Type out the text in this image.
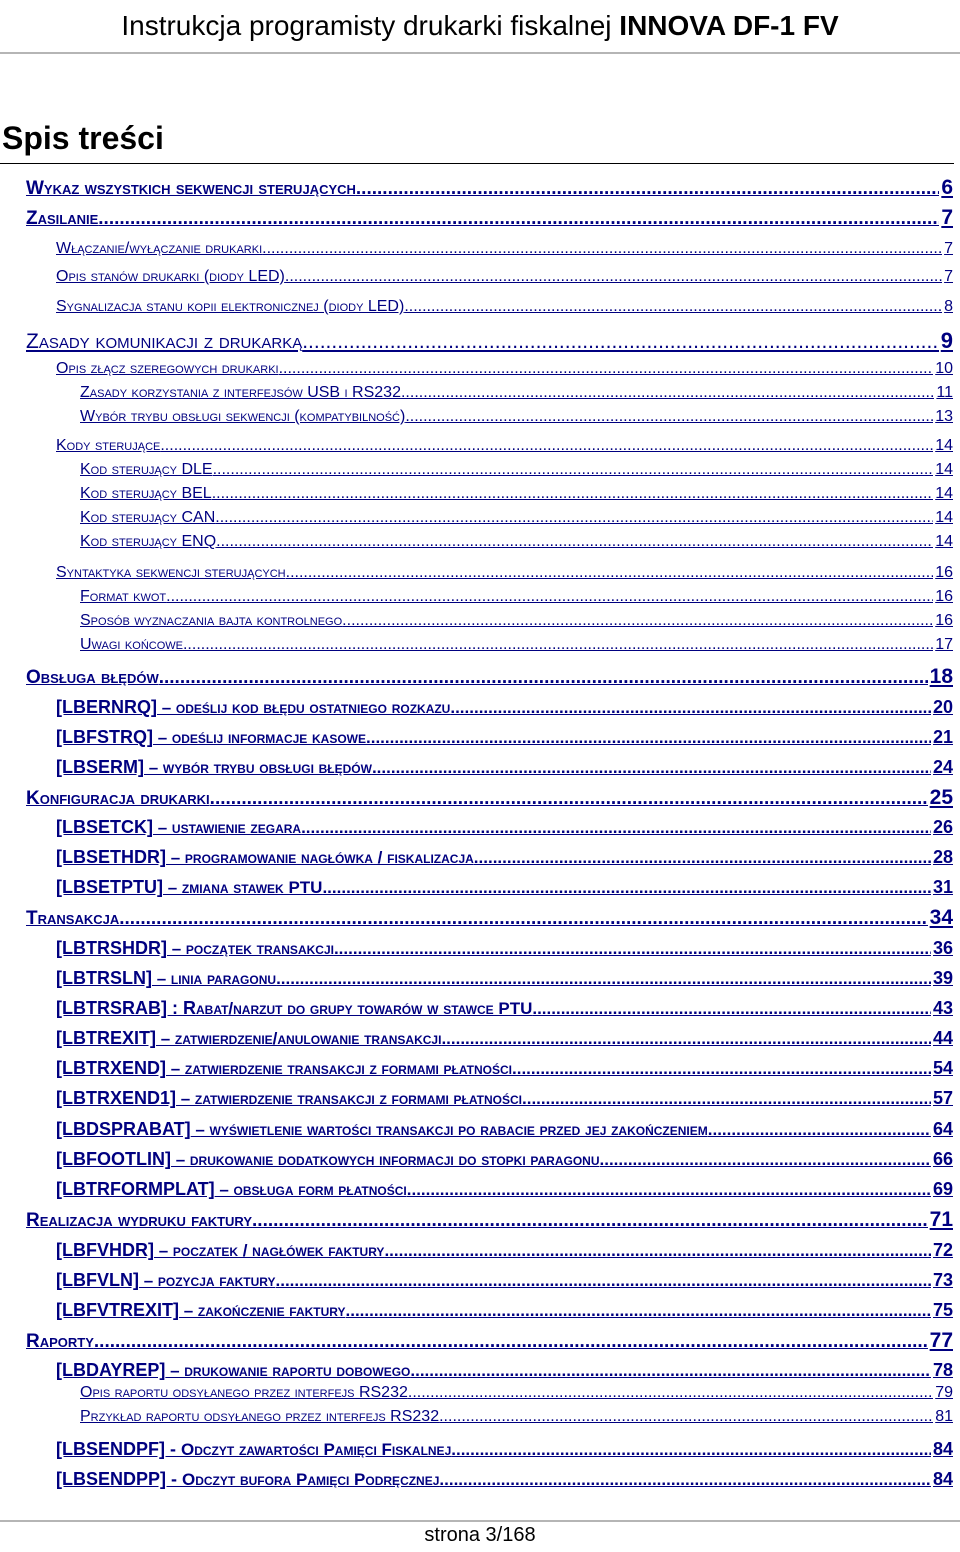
Instrukcja programisty drukarki fiskalnej INNOVA DF-1 FV
Spis treści
Wykaz wszystkich sekwencji sterujących .....	6
Zasilanie .....	7
Włączanie/wyłączanie drukarki .....	7
Opis stanów drukarki (diody LED) .....	7
Sygnalizacja stanu kopii elektronicznej (diody LED) .....	8
Zasady komunikacji z drukarką .....	9
Opis złącz szeregowych drukarki .....	10
Zasady korzystania z interfejsów USB i RS232 .....	11
Wybór trybu obsługi sekwencji (kompatybilność) .....	13
Kody sterujące .....	14
Kod sterujący DLE .....	14
Kod sterujący BEL .....	14
Kod sterujący CAN .....	14
Kod sterujący ENQ .....	14
Syntaktyka sekwencji sterujących .....	16
Format kwot .....	16
Sposób wyznaczania bajta kontrolnego .....	16
Uwagi końcowe .....	17
Obsługa błędów .....	18
[LBERNRQ] – odeślij kod błędu ostatniego rozkazu .....	20
[LBFSTRQ] – odeślij informacje kasowe .....	21
[LBSERM] – wybór trybu obsługi błędów .....	24
Konfiguracja drukarki .....	25
[LBSETCK] – ustawienie zegara .....	26
[LBSETHDR] – programowanie nagłówka / fiskalizacja .....	28
[LBSETPTU] – zmiana stawek PTU .....	31
Transakcja .....	34
[LBTRSHDR] – początek transakcji .....	36
[LBTRSLN] – linia paragonu .....	39
[LBTRSRAB] : Rabat/narzut do grupy towarów w stawce PTU .....	43
[LBTREXIT] – zatwierdzenie/anulowanie transakcji .....	44
[LBTRXEND] – zatwierdzenie transakcji z formami płatności .....	54
[LBTRXEND1] – zatwierdzenie transakcji z formami płatności .....	57
[LBDSPRABAT] – wyświetlenie wartości transakcji po rabacie przed jej zakończeniem .....	64
[LBFOOTLIN] – drukowanie dodatkowych informacji do stopki paragonu .....	66
[LBTRFORMPLAT] – obsługa form płatności .....	69
Realizacja wydruku faktury .....	71
[LBFVHDR] – poczatek / nagłówek faktury .....	72
[LBFVLN] – pozycja faktury .....	73
[LBFVTREXIT] – zakończenie faktury .....	75
Raporty .....	77
[LBDAYREP] – drukowanie raportu dobowego .....	78
Opis raportu odsyłanego przez interfejs RS232 .....	79
Przykład raportu odsyłanego przez interfejs RS232 .....	81
[LBSENDPF] - Odczyt zawartości Pamięci Fiskalnej .....	84
[LBSENDPP] - Odczyt bufora Pamięci Podręcznej .....	84
strona 3/168
